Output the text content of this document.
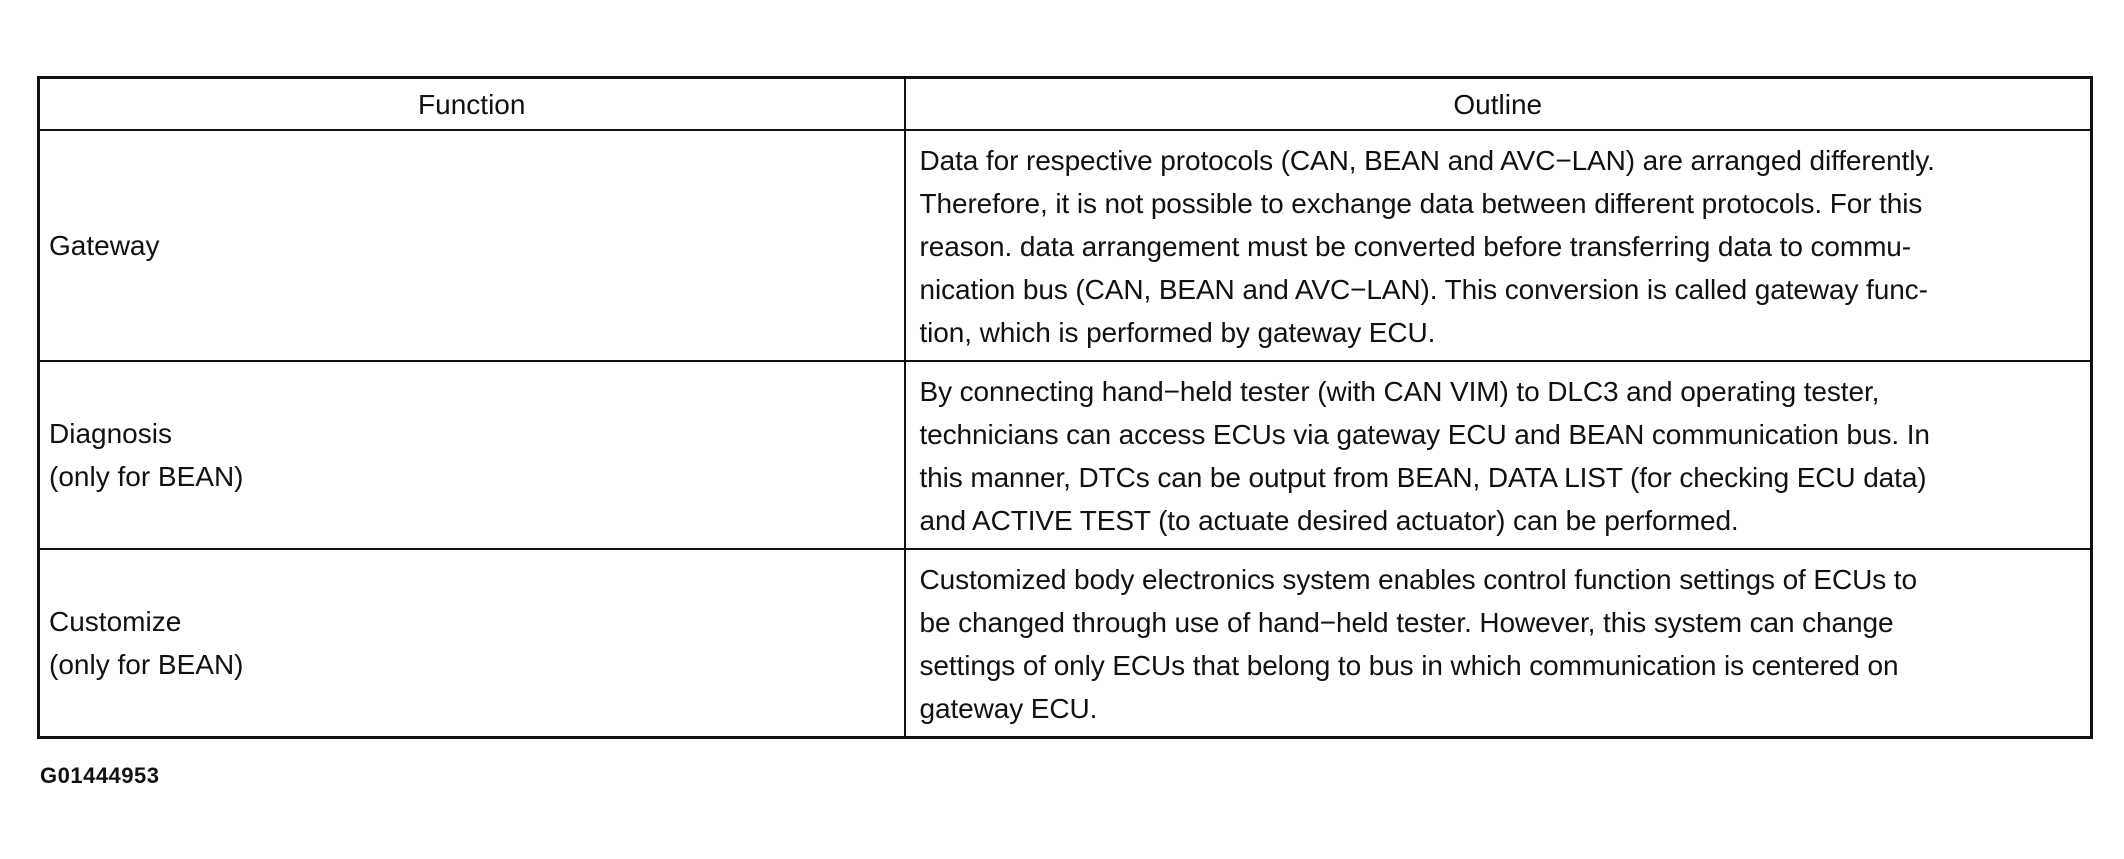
Function	Outline

Gateway	Data for respective protocols (CAN, BEAN and AVC−LAN) are arranged differently.
Therefore, it is not possible to exchange data between different protocols. For this
reason. data arrangement must be converted before transferring data to commu-
nication bus (CAN, BEAN and AVC−LAN). This conversion is called gateway func-
tion, which is performed by gateway ECU.

Diagnosis
(only for BEAN)	By connecting hand−held tester (with CAN VIM) to DLC3 and operating tester,
technicians can access ECUs via gateway ECU and BEAN communication bus. In
this manner, DTCs can be output from BEAN, DATA LIST (for checking ECU data)
and ACTIVE TEST (to actuate desired actuator) can be performed.

Customize
(only for BEAN)	Customized body electronics system enables control function settings of ECUs to
be changed through use of hand−held tester. However, this system can change
settings of only ECUs that belong to bus in which communication is centered on
gateway ECU.
G01444953
